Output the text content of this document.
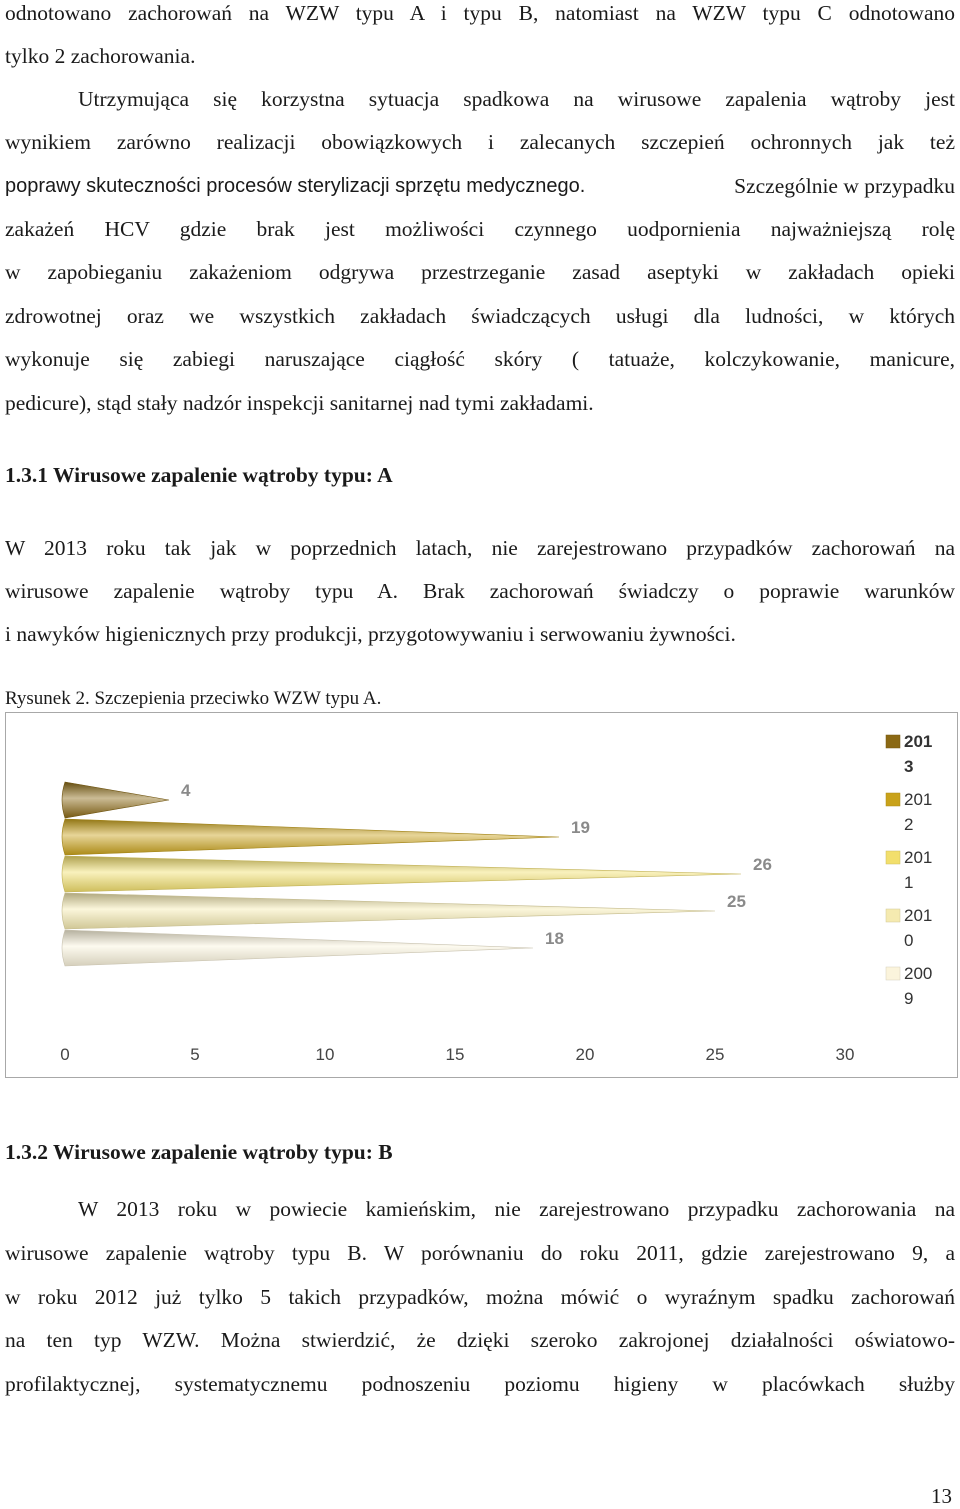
odnotowano zachorowań na WZW typu A i typu B, natomiast na WZW typu C odnotowano
tylko 2 zachorowania.
Utrzymująca się korzystna sytuacja spadkowa na wirusowe zapalenia wątroby jest
wynikiem zarówno realizacji obowiązkowych i zalecanych szczepień ochronnych jak też
poprawy skuteczności procesów sterylizacji sprzętu medycznego.	Szczególnie w przypadku
zakażeń HCV gdzie brak jest możliwości czynnego uodpornienia najważniejszą rolę
w zapobieganiu zakażeniom odgrywa przestrzeganie zasad aseptyki w zakładach opieki
zdrowotnej oraz we wszystkich zakładach świadczących usługi dla ludności, w których
wykonuje się zabiegi naruszające ciągłość skóry ( tatuaże, kolczykowanie, manicure,
pedicure), stąd stały nadzór inspekcji sanitarnej nad tymi zakładami.
1.3.1 Wirusowe zapalenie wątroby typu: A
W 2013 roku tak jak w poprzednich latach, nie zarejestrowano przypadków zachorowań na
wirusowe zapalenie wątroby typu A. Brak zachorowań świadczy o poprawie warunków
i nawyków higienicznych przy produkcji, przygotowywaniu i serwowaniu żywności.
Rysunek 2. Szczepienia przeciwko WZW typu A.
4
19
26
25
18
0	5	10	15	20	25	30
201 3
201 2
201 1
201 0
200 9
1.3.2 Wirusowe zapalenie wątroby typu: B
W 2013 roku w powiecie kamieńskim, nie zarejestrowano przypadku zachorowania na
wirusowe zapalenie wątroby typu B. W porównaniu do roku 2011, gdzie zarejestrowano 9, a
w roku 2012 już tylko 5 takich przypadków, można mówić o wyraźnym spadku zachorowań
na ten typ WZW. Można stwierdzić, że dzięki szeroko zakrojonej działalności oświatowo-
profilaktycznej, systematycznemu podnoszeniu poziomu higieny w placówkach służby
13
